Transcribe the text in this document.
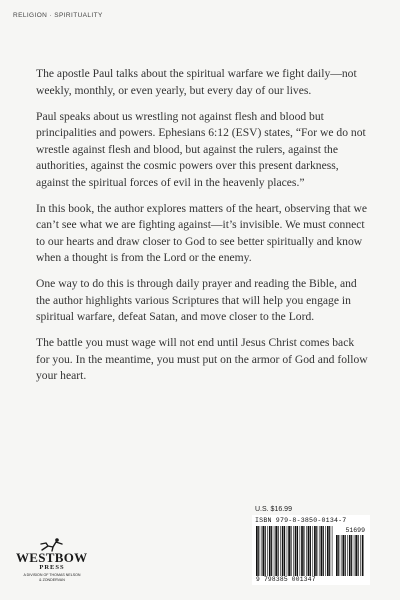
RELIGION · SPIRITUALITY

The apostle Paul talks about the spiritual warfare we fight daily—not weekly, monthly, or even yearly, but every day of our lives.

Paul speaks about us wrestling not against flesh and blood but principalities and powers. Ephesians 6:12 (ESV) states, “For we do not wrestle against flesh and blood, but against the rulers, against the authorities, against the cosmic powers over this present darkness, against the spiritual forces of evil in the heavenly places.”

In this book, the author explores matters of the heart, observing that we can’t see what we are fighting against—it’s invisible. We must connect to our hearts and draw closer to God to see better spiritually and know when a thought is from the Lord or the enemy.

One way to do this is through daily prayer and reading the Bible, and the author highlights various Scriptures that will help you engage in spiritual warfare, defeat Satan, and move closer to the Lord.

The battle you must wage will not end until Jesus Christ comes back for you. In the meantime, you must put on the armor of God and follow your heart.

U.S. $16.99
ISBN 979-8-3850-0134-7
51699
9 798385 001347
WESTBOW
PRESS
A DIVISION OF THOMAS NELSON
& ZONDERVAN
